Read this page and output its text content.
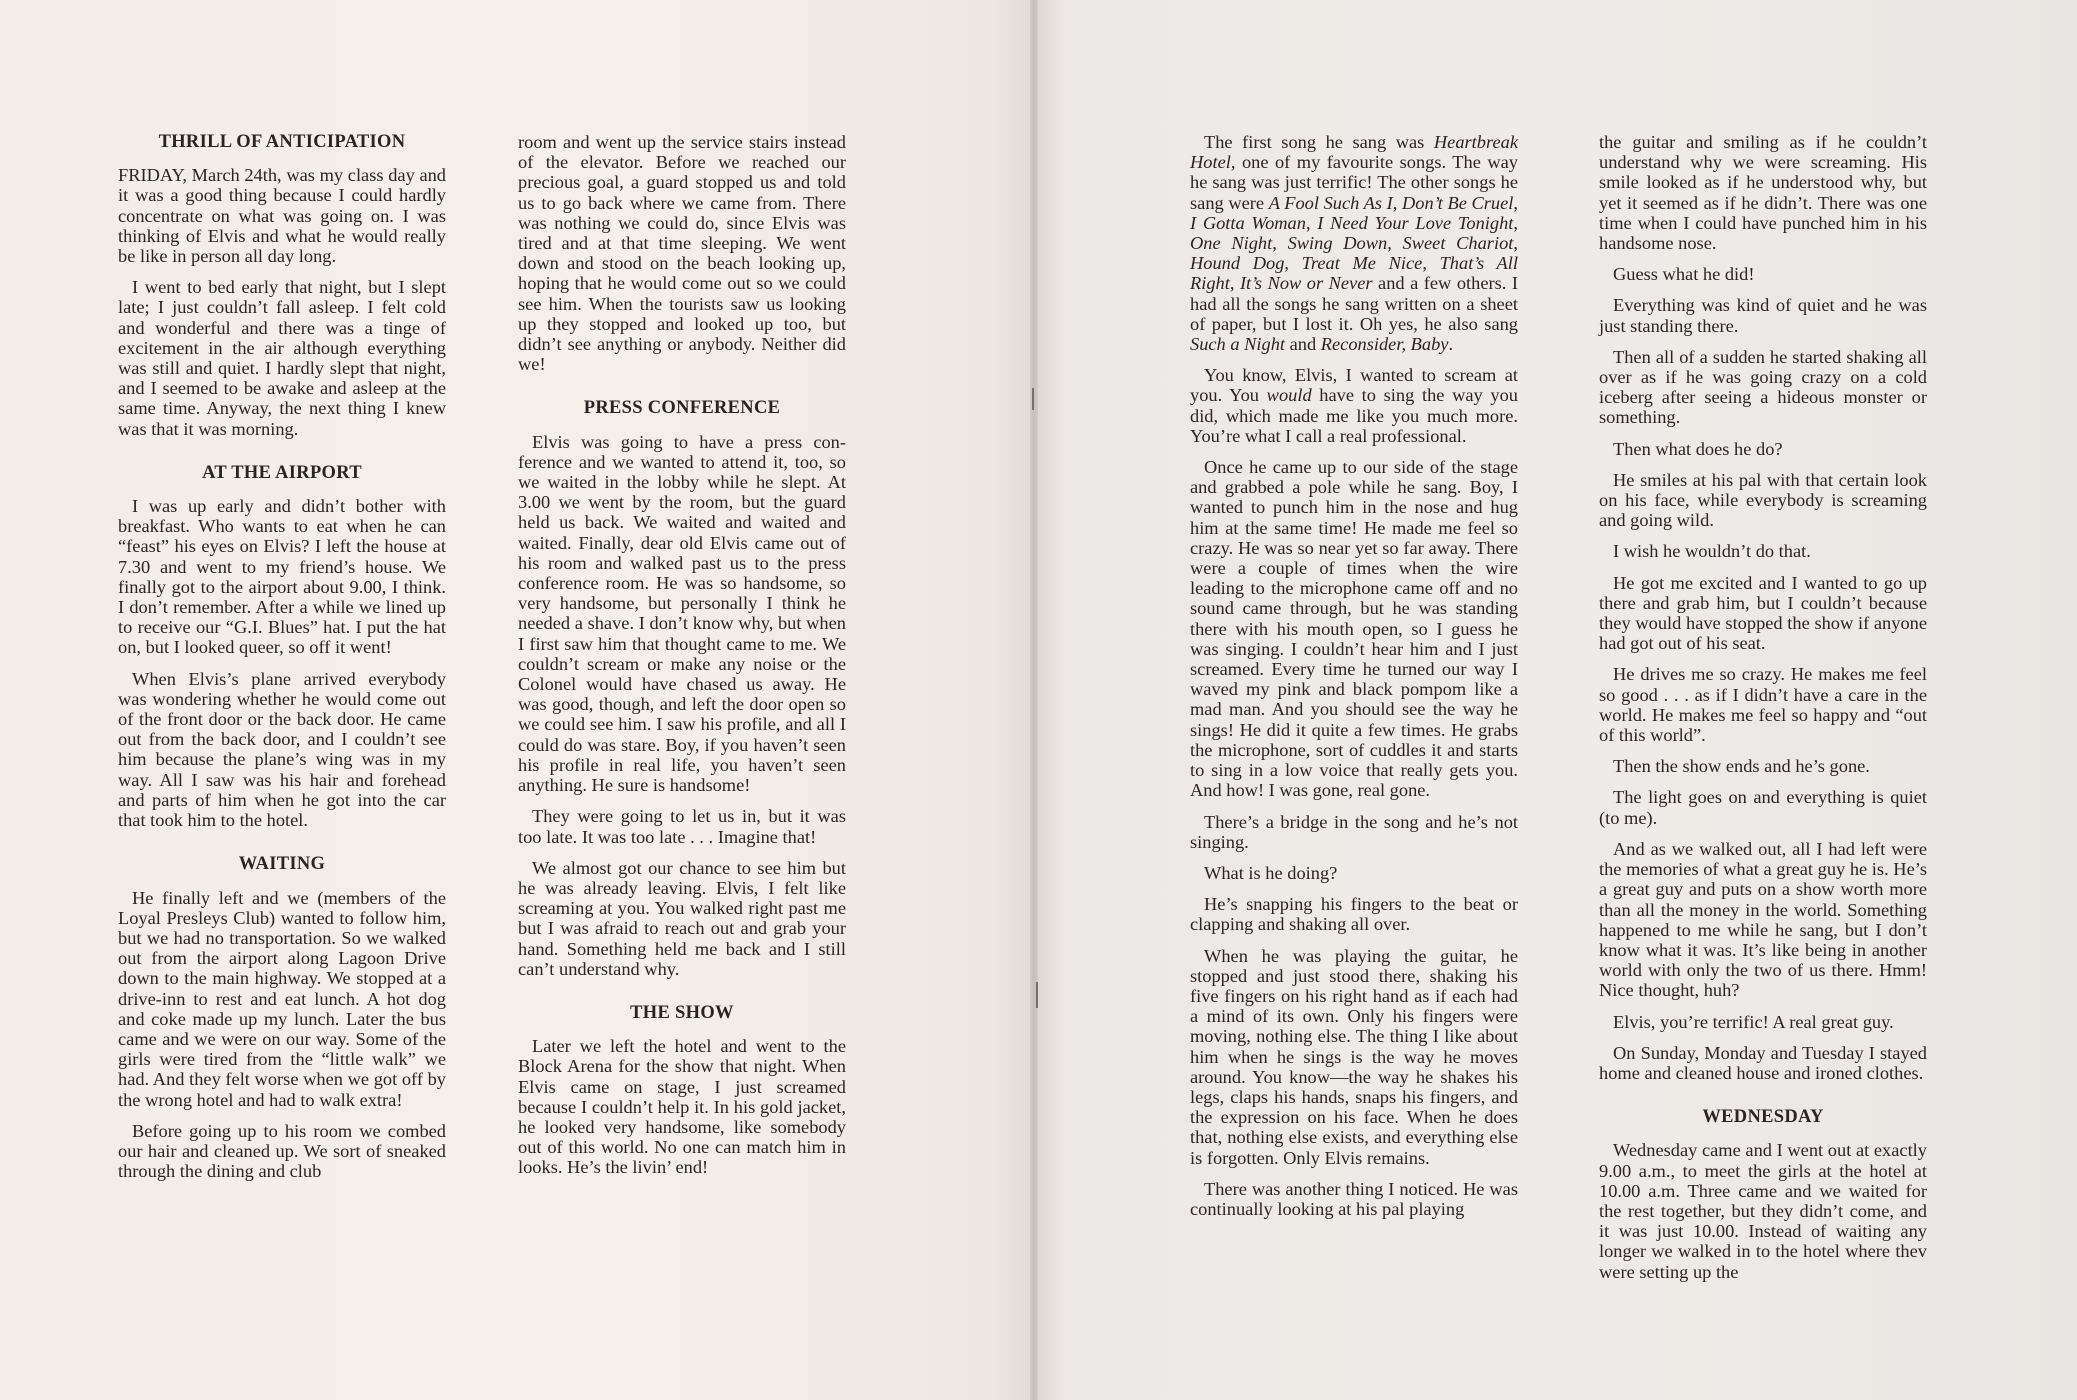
THRILL OF ANTICIPATION

FRIDAY, March 24th, was my class day and it was a good thing because I could hardly concentrate on what was going on. I was thinking of Elvis and what he would really be like in person all day long.

I went to bed early that night, but I slept late; I just couldn’t fall asleep. I felt cold and wonderful and there was a tinge of excitement in the air although everything was still and quiet. I hardly slept that night, and I seemed to be awake and asleep at the same time. Anyway, the next thing I knew was that it was morning.

AT THE AIRPORT

I was up early and didn’t bother with breakfast. Who wants to eat when he can “feast” his eyes on Elvis? I left the house at 7.30 and went to my friend’s house. We finally got to the airport about 9.00, I think. I don’t remember. After a while we lined up to receive our “G.I. Blues” hat. I put the hat on, but I looked queer, so off it went!

When Elvis’s plane arrived everybody was wondering whether he would come out of the front door or the back door. He came out from the back door, and I couldn’t see him because the plane’s wing was in my way. All I saw was his hair and forehead and parts of him when he got into the car that took him to the hotel.

WAITING

He finally left and we (members of the Loyal Presleys Club) wanted to follow him, but we had no transportation. So we walked out from the airport along Lagoon Drive down to the main highway. We stopped at a drive-inn to rest and eat lunch. A hot dog and coke made up my lunch. Later the bus came and we were on our way. Some of the girls were tired from the “little walk” we had. And they felt worse when we got off by the wrong hotel and had to walk extra!

Before going up to his room we combed our hair and cleaned up. We sort of sneaked through the dining and club

room and went up the service stairs instead of the elevator. Before we reached our precious goal, a guard stopped us and told us to go back where we came from. There was nothing we could do, since Elvis was tired and at that time sleeping. We went down and stood on the beach looking up, hoping that he would come out so we could see him. When the tourists saw us looking up they stopped and looked up too, but didn’t see anything or anybody. Neither did we!

PRESS CONFERENCE

Elvis was going to have a press conference and we wanted to attend it, too, so we waited in the lobby while he slept. At 3.00 we went by the room, but the guard held us back. We waited and waited and waited. Finally, dear old Elvis came out of his room and walked past us to the press conference room. He was so handsome, so very handsome, but personally I think he needed a shave. I don’t know why, but when I first saw him that thought came to me. We couldn’t scream or make any noise or the Colonel would have chased us away. He was good, though, and left the door open so we could see him. I saw his profile, and all I could do was stare. Boy, if you haven’t seen his profile in real life, you haven’t seen anything. He sure is handsome!

They were going to let us in, but it was too late. It was too late . . . Imagine that!

We almost got our chance to see him but he was already leaving. Elvis, I felt like screaming at you. You walked right past me but I was afraid to reach out and grab your hand. Something held me back and I still can’t understand why.

THE SHOW

Later we left the hotel and went to the Block Arena for the show that night. When Elvis came on stage, I just screamed because I couldn’t help it. In his gold jacket, he looked very handsome, like somebody out of this world. No one can match him in looks. He’s the livin’ end!

The first song he sang was Heartbreak Hotel, one of my favourite songs. The way he sang was just terrific! The other songs he sang were A Fool Such As I, Don’t Be Cruel, I Gotta Woman, I Need Your Love Tonight, One Night, Swing Down, Sweet Chariot, Hound Dog, Treat Me Nice, That’s All Right, It’s Now or Never and a few others. I had all the songs he sang written on a sheet of paper, but I lost it. Oh yes, he also sang Such a Night and Reconsider, Baby.

You know, Elvis, I wanted to scream at you. You would have to sing the way you did, which made me like you much more. You’re what I call a real professional.

Once he came up to our side of the stage and grabbed a pole while he sang. Boy, I wanted to punch him in the nose and hug him at the same time! He made me feel so crazy. He was so near yet so far away. There were a couple of times when the wire leading to the microphone came off and no sound came through, but he was standing there with his mouth open, so I guess he was singing. I couldn’t hear him and I just screamed. Every time he turned our way I waved my pink and black pompom like a mad man. And you should see the way he sings! He did it quite a few times. He grabs the microphone, sort of cuddles it and starts to sing in a low voice that really gets you. And how! I was gone, real gone.

There’s a bridge in the song and he’s not singing.

What is he doing?

He’s snapping his fingers to the beat or clapping and shaking all over.

When he was playing the guitar, he stopped and just stood there, shaking his five fingers on his right hand as if each had a mind of its own. Only his fingers were moving, nothing else. The thing I like about him when he sings is the way he moves around. You know—the way he shakes his legs, claps his hands, snaps his fingers, and the expression on his face. When he does that, nothing else exists, and everything else is forgotten. Only Elvis remains.

There was another thing I noticed. He was continually looking at his pal playing

the guitar and smiling as if he couldn’t understand why we were screaming. His smile looked as if he understood why, but yet it seemed as if he didn’t. There was one time when I could have punched him in his handsome nose.

Guess what he did!

Everything was kind of quiet and he was just standing there.

Then all of a sudden he started shaking all over as if he was going crazy on a cold iceberg after seeing a hideous monster or something.

Then what does he do?

He smiles at his pal with that certain look on his face, while everybody is screaming and going wild.

I wish he wouldn’t do that.

He got me excited and I wanted to go up there and grab him, but I couldn’t because they would have stopped the show if anyone had got out of his seat.

He drives me so crazy. He makes me feel so good . . . as if I didn’t have a care in the world. He makes me feel so happy and “out of this world”.

Then the show ends and he’s gone.

The light goes on and everything is quiet (to me).

And as we walked out, all I had left were the memories of what a great guy he is. He’s a great guy and puts on a show worth more than all the money in the world. Something happened to me while he sang, but I don’t know what it was. It’s like being in another world with only the two of us there. Hmm! Nice thought, huh?

Elvis, you’re terrific! A real great guy.

On Sunday, Monday and Tuesday I stayed home and cleaned house and ironed clothes.

WEDNESDAY

Wednesday came and I went out at exactly 9.00 a.m., to meet the girls at the hotel at 10.00 a.m. Three came and we waited for the rest together, but they didn’t come, and it was just 10.00. Instead of waiting any longer we walked in to the hotel where thev were setting up the
